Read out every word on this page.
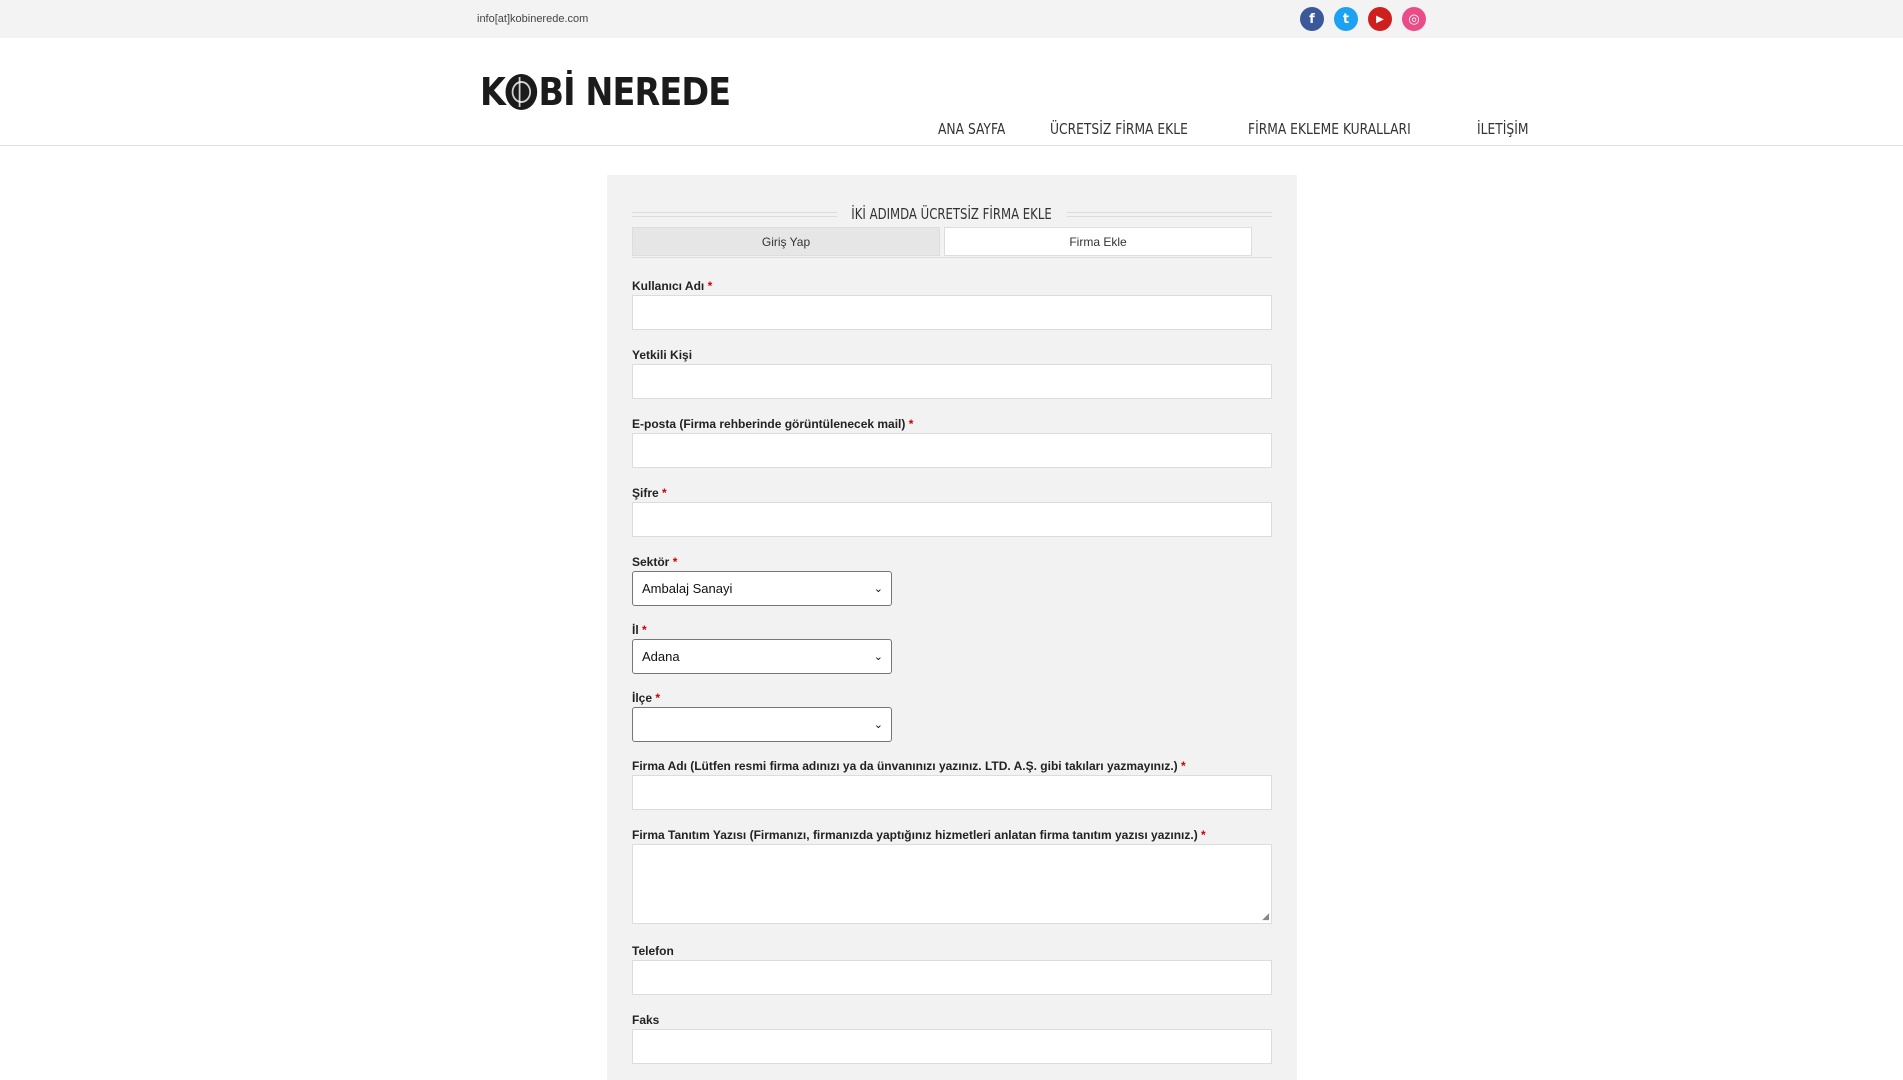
info[at]kobinerede.com	f	t	▶	◎
K Bİ NEREDE
ANA SAYFA	ÜCRETSİZ FİRMA EKLE	FİRMA EKLEME KURALLARI	İLETİŞİM
İKİ ADIMDA ÜCRETSİZ FİRMA EKLE
Giriş Yap	Firma Ekle
Kullanıcı Adı *
Yetkili Kişi
E-posta (Firma rehberinde görüntülenecek mail) *
Şifre *
Sektör *
Ambalaj Sanayi	⌄
İl *
Adana	⌄
İlçe *
⌄
Firma Adı (Lütfen resmi firma adınızı ya da ünvanınızı yazınız. LTD. A.Ş. gibi takıları yazmayınız.) *
Firma Tanıtım Yazısı (Firmanızı, firmanızda yaptığınız hizmetleri anlatan firma tanıtım yazısı yazınız.) *
◢
Telefon
Faks
